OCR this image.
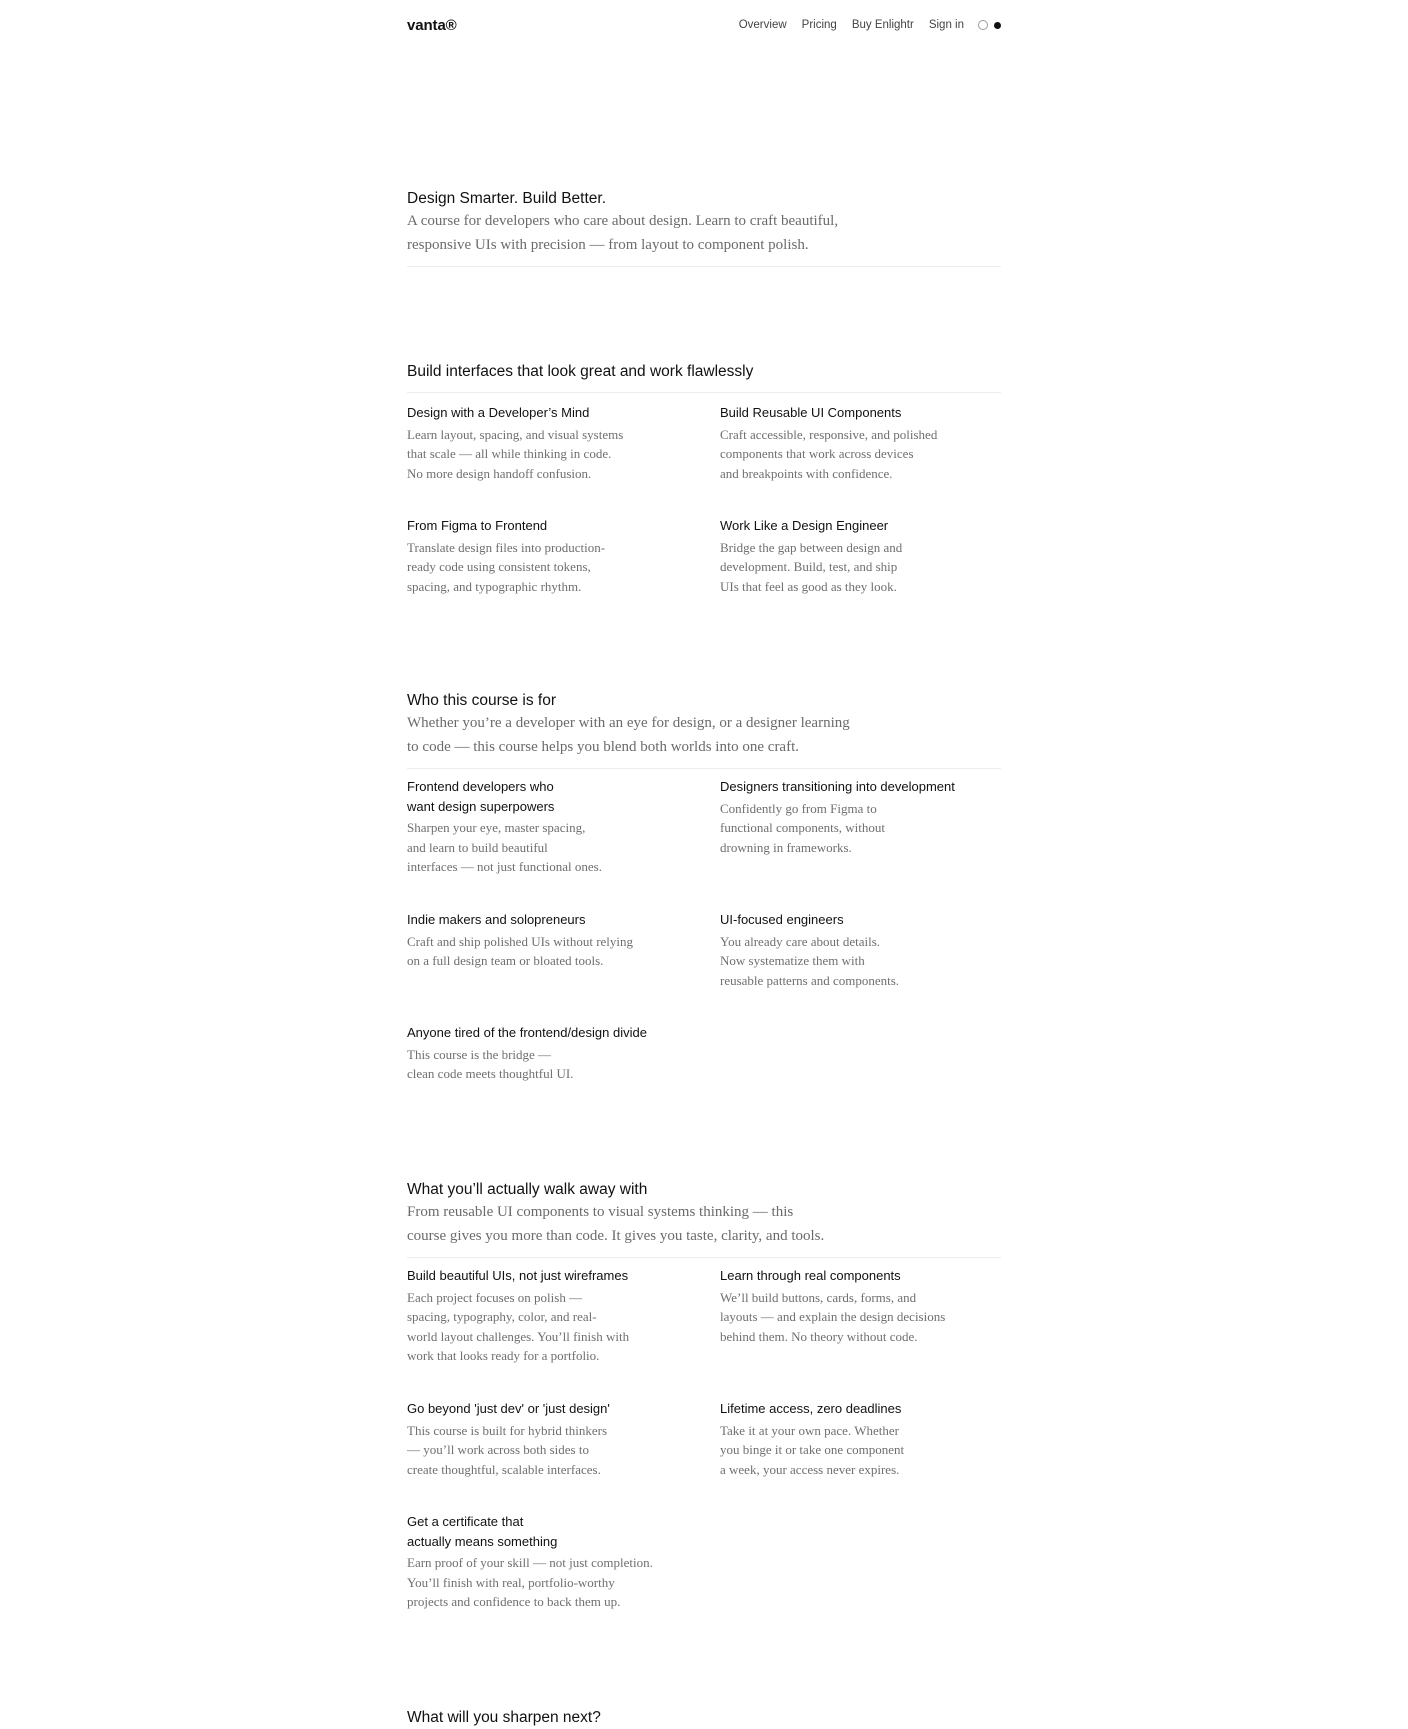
vanta®	Overview Pricing Buy Enlightr Sign in
Design Smarter. Build Better.

A course for developers who care about design. Learn to craft beautiful,
responsive UIs with precision — from layout to component polish.

Build interfaces that look great and work flawlessly

Design with a Developer’s Mind

Learn layout, spacing, and visual systems
that scale — all while thinking in code.
No more design handoff confusion.

Build Reusable UI Components

Craft accessible, responsive, and polished
components that work across devices
and breakpoints with confidence.

From Figma to Frontend

Translate design files into production-
ready code using consistent tokens,
spacing, and typographic rhythm.

Work Like a Design Engineer

Bridge the gap between design and
development. Build, test, and ship
UIs that feel as good as they look.

Who this course is for

Whether you’re a developer with an eye for design, or a designer learning
to code — this course helps you blend both worlds into one craft.

Frontend developers who
want design superpowers

Sharpen your eye, master spacing,
and learn to build beautiful
interfaces — not just functional ones.

Designers transitioning into development

Confidently go from Figma to
functional components, without
drowning in frameworks.

Indie makers and solopreneurs

Craft and ship polished UIs without relying
on a full design team or bloated tools.

UI-focused engineers

You already care about details.
Now systematize them with
reusable patterns and components.

Anyone tired of the frontend/design divide

This course is the bridge —
clean code meets thoughtful UI.

What you’ll actually walk away with

From reusable UI components to visual systems thinking — this
course gives you more than code. It gives you taste, clarity, and tools.

Build beautiful UIs, not just wireframes

Each project focuses on polish —
spacing, typography, color, and real-
world layout challenges. You’ll finish with
work that looks ready for a portfolio.

Learn through real components

We’ll build buttons, cards, forms, and
layouts — and explain the design decisions
behind them. No theory without code.

Go beyond 'just dev' or 'just design'

This course is built for hybrid thinkers
— you’ll work across both sides to
create thoughtful, scalable interfaces.

Lifetime access, zero deadlines

Take it at your own pace. Whether
you binge it or take one component
a week, your access never expires.

Get a certificate that
actually means something

Earn proof of your skill — not just completion.
You’ll finish with real, portfolio-worthy
projects and confidence to back them up.

What will you sharpen next?
